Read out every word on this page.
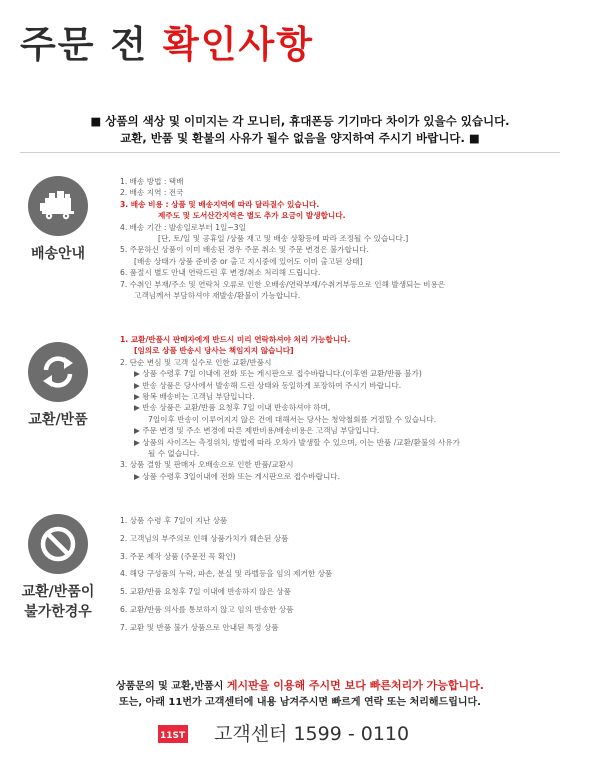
주문 전 확인사항
■ 상품의 색상 및 이미지는 각 모니터, 휴대폰등 기기마다 차이가 있을수 있습니다.
교환, 반품 및 환불의 사유가 될수 없음을 양지하여 주시기 바랍니다. ■
배송안내
1. 배송 방법 : 택배
2. 배송 지역 : 전국
3. 배송 비용 : 상품 및 배송지역에 따라 달라질수 있습니다.
제주도 및 도서산간지역은 별도 추가 요금이 발생합니다.
4. 배송 기간 : 발송일로부터 1일~3일
[단, 토/일 및 공휴일 /상품 재고 및 배송 상황등에 따라 조정될 수 있습니다.]
5. 주문하신 상품이 이미 배송된 경우 주문 취소 및 주문 변경은 불가합니다.
[배송 상태가 상품 준비중 or 출고 지시중에 있어도 이미 출고된 상태]
6. 품절시 별도 안내 연락드린 후 변경/취소 처리해 드립니다.
7. 수취인 부재/주소 및 연락처 오류로 인한 오배송/연락부재/수취거부등으로 인해 발생되는 비용은
고객님께서 부담하셔야 재발송/환불이 가능합니다.
교환/반품
1. 교환/반품시 판매자에게 반드시 미리 연락하셔야 처리 가능합니다.
[임의로 상품 반송시 당사는 책임지지 않습니다]
2. 단순 변심 및 고객 실수로 인한 교환/반품시
▶ 상품 수령후 7일 이내에 전화 또는 게시판으로 접수바랍니다.(이후엔 교환/반품 불가)
▶ 반송 상품은 당사에서 발송해 드린 상태와 동일하게 포장하여 주시기 바랍니다.
▶ 왕복 배송비는 고객님 부담입니다.
▶ 반송 상품은 교환/반품 요청후 7일 이내 반송하셔야 하며,
7일이후 반송이 이루어지지 않은 건에 대해서는 당사는 청약철회를 거절할 수 있습니다.
▶ 주문 변경 및 주소 변경에 따른 제반비용/배송비용은 고객님 부담입니다.
▶ 상품의 사이즈는 측정위치, 방법에 따라 오차가 발생할 수 있으며, 이는 반품 /교환/환불의 사유가
될 수 없습니다.
3. 상품 결함 및 판매자 오배송으로 인한 반품/교환시
▶ 상품 수령후 3일이내에 전화 또는 게시판으로 접수바랍니다.
교환/반품이
불가한경우
1. 상품 수령 후 7일이 지난 상품
2. 고객님의 부주의로 인해 상품가치가 훼손된 상품
3. 주문 제작 상품 (주문전 꼭 확인)
4. 해당 구성품의 누락, 파손, 분실 및 라벨등을 임의 제거한 상품
5. 교환/반품 요청후 7일 이내에 반송하지 않은 상품
6. 교환/반품 의사를 통보하지 않고 임의 반송한 상품
7. 교환 및 반품 불가 상품으로 안내된 특정 상품
상품문의 및 교환,반품시 게시판을 이용해 주시면 보다 빠른처리가 가능합니다.
또는, 아래 11번가 고객센터에 내용 남겨주시면 빠르게 연락 또는 처리해드립니다.
11ST 고객센터 1599 - 0110
